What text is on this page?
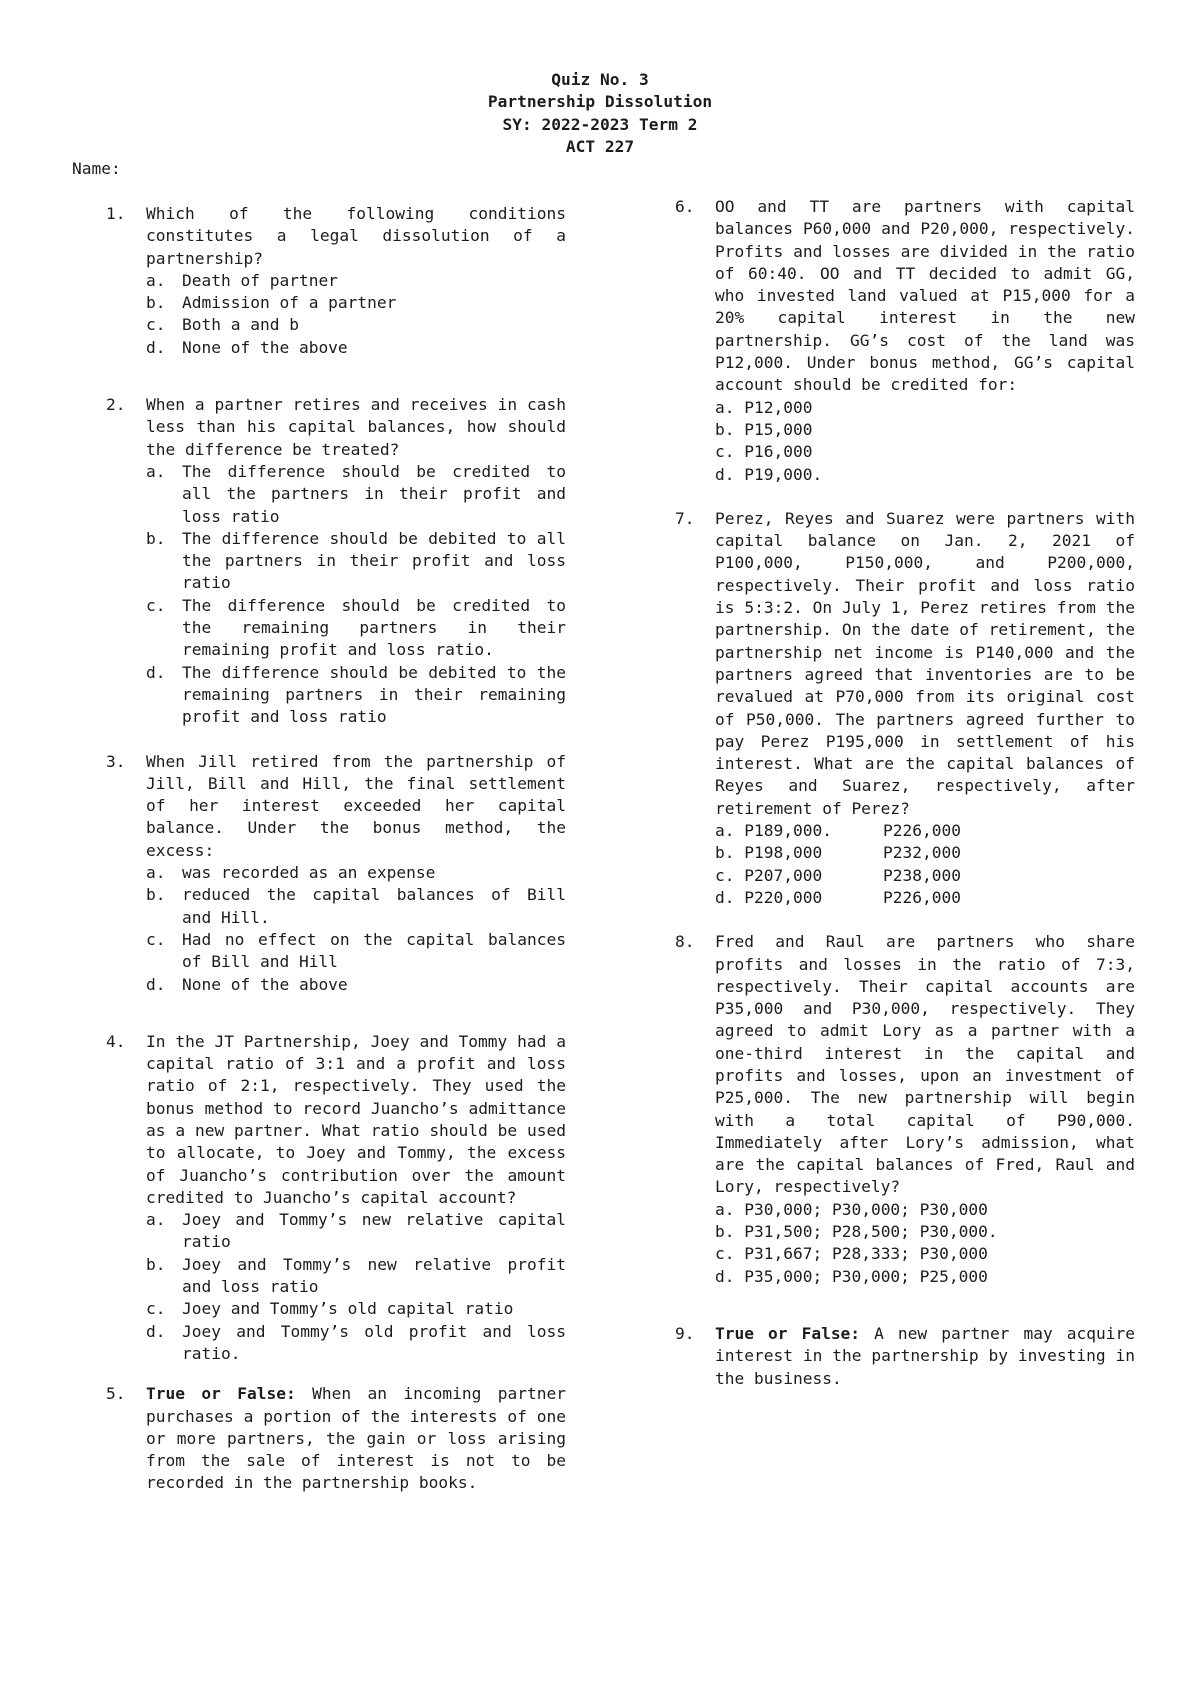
Quiz No. 3
Partnership Dissolution
SY: 2022-2023 Term 2
ACT 227
Name:
1.	Which of the following conditions constitutes a legal dissolution of a partnership?
a. Death of partner
b. Admission of a partner
c. Both a and b
d. None of the above
2.	When a partner retires and receives in cash less than his capital balances, how should the difference be treated?
a. The difference should be credited to all the partners in their profit and loss ratio
b. The difference should be debited to all the partners in their profit and loss ratio
c. The difference should be credited to the remaining partners in their remaining profit and loss ratio.
d. The difference should be debited to the remaining partners in their remaining profit and loss ratio
3.	When Jill retired from the partnership of Jill, Bill and Hill, the final settlement of her interest exceeded her capital balance. Under the bonus method, the excess:
a. was recorded as an expense
b. reduced the capital balances of Bill and Hill.
c. Had no effect on the capital balances of Bill and Hill
d. None of the above
4.	In the JT Partnership, Joey and Tommy had a capital ratio of 3:1 and a profit and loss ratio of 2:1, respectively. They used the bonus method to record Juancho’s admittance as a new partner. What ratio should be used to allocate, to Joey and Tommy, the excess of Juancho’s contribution over the amount credited to Juancho’s capital account?
a. Joey and Tommy’s new relative capital ratio
b. Joey and Tommy’s new relative profit and loss ratio
c. Joey and Tommy’s old capital ratio
d. Joey and Tommy’s old profit and loss ratio.
5.	True or False: When an incoming partner purchases a portion of the interests of one or more partners, the gain or loss arising from the sale of interest is not to be recorded in the partnership books.
6.	OO and TT are partners with capital balances P60,000 and P20,000, respectively. Profits and losses are divided in the ratio of 60:40. OO and TT decided to admit GG, who invested land valued at P15,000 for a 20% capital interest in the new partnership. GG’s cost of the land was P12,000. Under bonus method, GG’s capital account should be credited for:
a. P12,000
b. P15,000
c. P16,000
d. P19,000.
7.	Perez, Reyes and Suarez were partners with capital balance on Jan. 2, 2021 of P100,000, P150,000, and P200,000, respectively. Their profit and loss ratio is 5:3:2. On July 1, Perez retires from the partnership. On the date of retirement, the partnership net income is P140,000 and the partners agreed that inventories are to be revalued at P70,000 from its original cost of P50,000. The partners agreed further to pay Perez P195,000 in settlement of his interest. What are the capital balances of Reyes and Suarez, respectively, after retirement of Perez?
a. P189,000.	P226,000
b. P198,000	P232,000
c. P207,000	P238,000
d. P220,000	P226,000
8.	Fred and Raul are partners who share profits and losses in the ratio of 7:3, respectively. Their capital accounts are P35,000 and P30,000, respectively. They agreed to admit Lory as a partner with a one-third interest in the capital and profits and losses, upon an investment of P25,000. The new partnership will begin with a total capital of P90,000. Immediately after Lory’s admission, what are the capital balances of Fred, Raul and Lory, respectively?
a. P30,000; P30,000; P30,000
b. P31,500; P28,500; P30,000.
c. P31,667; P28,333; P30,000
d. P35,000; P30,000; P25,000
9.	True or False: A new partner may acquire interest in the partnership by investing in the business.
